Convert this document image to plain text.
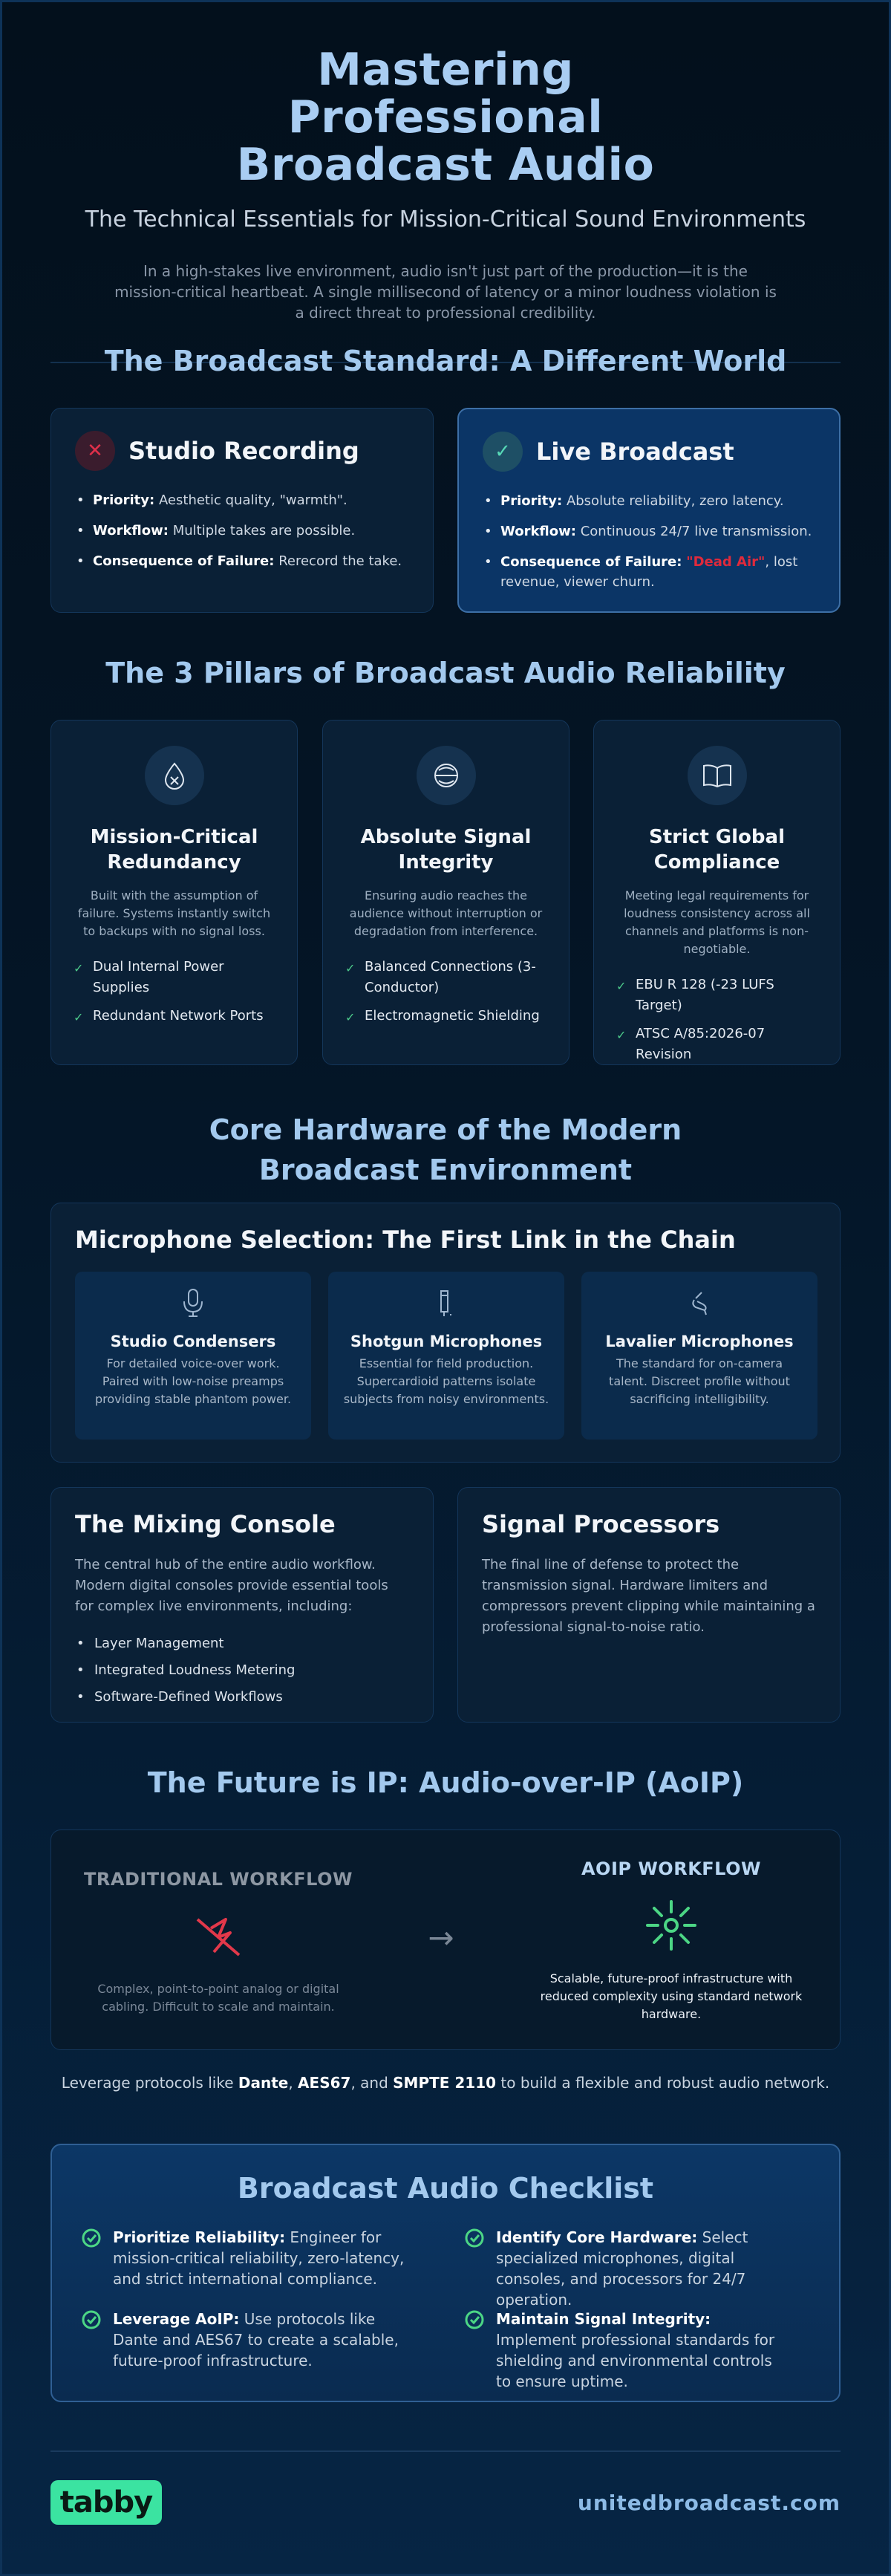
Mastering Professional Broadcast Audio
The Technical Essentials for Mission-Critical Sound Environments

In a high-stakes live environment, audio isn't just part of the production—it is the mission-critical heartbeat. A single millisecond of latency or a minor loudness violation is a direct threat to professional credibility.

The Broadcast Standard: A Different World
✕	Studio Recording
• Priority: Aesthetic quality, "warmth".
• Workflow: Multiple takes are possible.
• Consequence of Failure: Rerecord the take.
✓	Live Broadcast
• Priority: Absolute reliability, zero latency.
• Workflow: Continuous 24/7 live transmission.
• Consequence of Failure: "Dead Air", lost revenue, viewer churn.
The 3 Pillars of Broadcast Audio Reliability
Mission-Critical Redundancy

Built with the assumption of failure. Systems instantly switch to backups with no signal loss.

✓ Dual Internal Power Supplies
✓ Redundant Network Ports
Absolute Signal Integrity

Ensuring audio reaches the audience without interruption or degradation from interference.

✓ Balanced Connections (3-Conductor)
✓ Electromagnetic Shielding
Strict Global Compliance

Meeting legal requirements for loudness consistency across all channels and platforms is non-negotiable.

✓ EBU R 128 (-23 LUFS Target)
✓ ATSC A/85:2026-07 Revision
Core Hardware of the Modern Broadcast Environment
Microphone Selection: The First Link in the Chain
Studio Condensers

For detailed voice-over work. Paired with low-noise preamps providing stable phantom power.

Shotgun Microphones

Essential for field production. Supercardioid patterns isolate subjects from noisy environments.

Lavalier Microphones

The standard for on-camera talent. Discreet profile without sacrificing intelligibility.

The Mixing Console

The central hub of the entire audio workflow. Modern digital consoles provide essential tools for complex live environments, including:

• Layer Management
• Integrated Loudness Metering
• Software-Defined Workflows
Signal Processors

The final line of defense to protect the transmission signal. Hardware limiters and compressors prevent clipping while maintaining a professional signal-to-noise ratio.

The Future is IP: Audio-over-IP (AoIP)
TRADITIONAL WORKFLOW

Complex, point-to-point analog or digital cabling. Difficult to scale and maintain.

→
AOIP WORKFLOW

Scalable, future-proof infrastructure with reduced complexity using standard network hardware.

Leverage protocols like Dante, AES67, and SMPTE 2110 to build a flexible and robust audio network.

Broadcast Audio Checklist

Prioritize Reliability: Engineer for mission-critical reliability, zero-latency, and strict international compliance.

Identify Core Hardware: Select specialized microphones, digital consoles, and processors for 24/7 operation.

Leverage AoIP: Use protocols like Dante and AES67 to create a scalable, future-proof infrastructure.

Maintain Signal Integrity: Implement professional standards for shielding and environmental controls to ensure uptime.

tabby	unitedbroadcast.com
